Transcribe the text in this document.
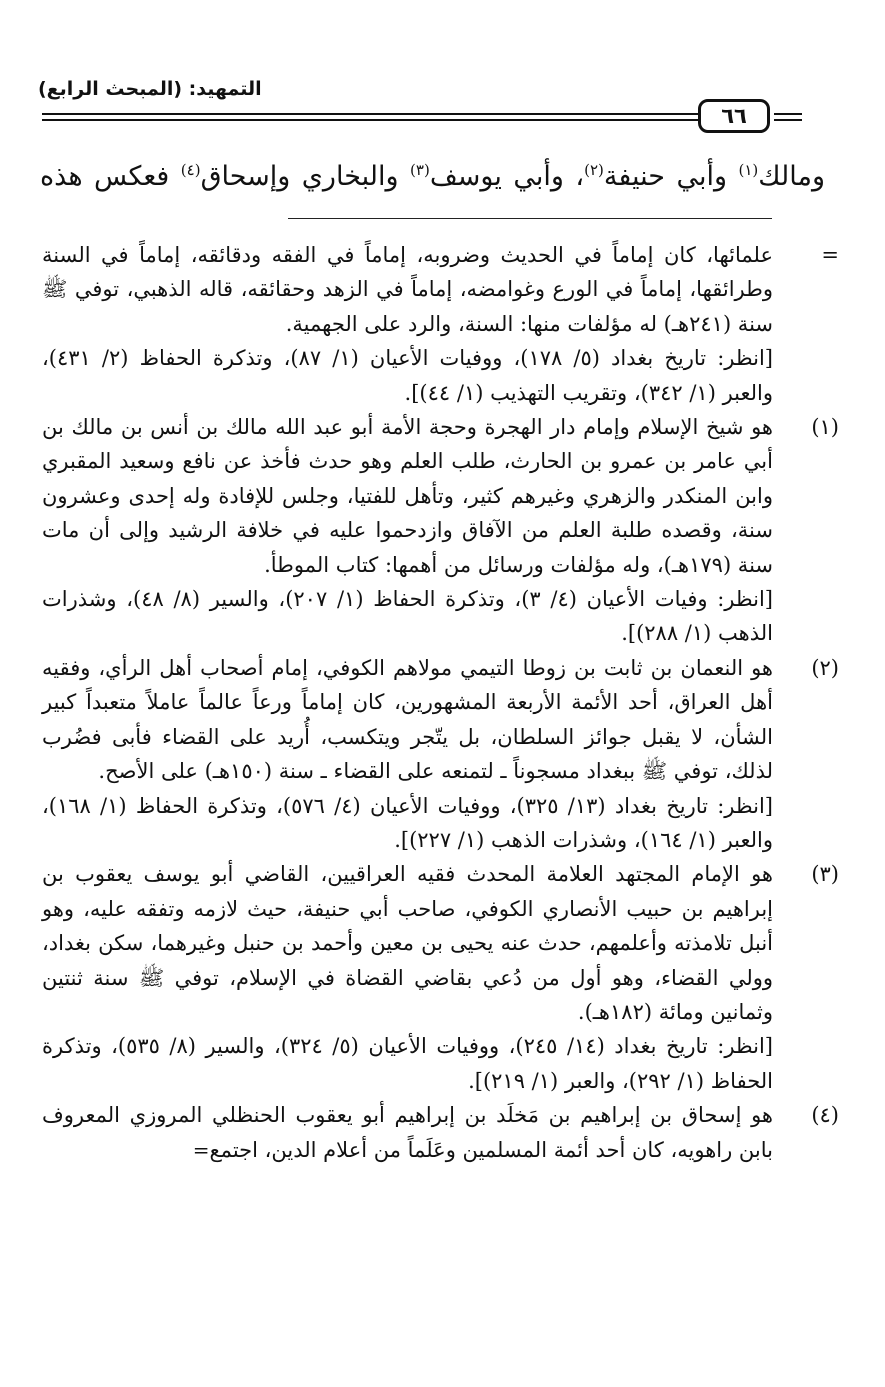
التمهيد: (المبحث الرابع)
٦٦
ومالك$^{(١)}$ وأبي حنيفة$^{(٢)}$، وأبي يوسف$^{(٣)}$ والبخاري وإسحاق$^{(٤)}$ فعكس هذه
=

علمائها، كان إماماً في الحديث وضروبه، إماماً في الفقه ودقائقه، إماماً في السنة وطرائقها، إماماً في الورع وغوامضه، إماماً في الزهد وحقائقه، قاله الذهبي، توفي ﷺ سنة (٢٤١هـ) له مؤلفات منها: السنة، والرد على الجهمية.

[انظر: تاريخ بغداد (٥/ ١٧٨)، ووفيات الأعيان (١/ ٨٧)، وتذكرة الحفاظ (٢/ ٤٣١)، والعبر (١/ ٣٤٢)، وتقريب التهذيب (١/ ٤٤)].

(١)

هو شيخ الإسلام وإمام دار الهجرة وحجة الأمة أبو عبد الله مالك بن أنس بن مالك بن أبي عامر بن عمرو بن الحارث، طلب العلم وهو حدث فأخذ عن نافع وسعيد المقبري وابن المنكدر والزهري وغيرهم كثير، وتأهل للفتيا، وجلس للإفادة وله إحدى وعشرون سنة، وقصده طلبة العلم من الآفاق وازدحموا عليه في خلافة الرشيد وإلى أن مات سنة (١٧٩هـ)، وله مؤلفات ورسائل من أهمها: كتاب الموطأ.

[انظر: وفيات الأعيان (٤/ ٣)، وتذكرة الحفاظ (١/ ٢٠٧)، والسير (٨/ ٤٨)، وشذرات الذهب (١/ ٢٨٨)].

(٢)

هو النعمان بن ثابت بن زوطا التيمي مولاهم الكوفي، إمام أصحاب أهل الرأي، وفقيه أهل العراق، أحد الأئمة الأربعة المشهورين، كان إماماً ورعاً عالماً عاملاً متعبداً كبير الشأن، لا يقبل جوائز السلطان، بل يتّجر ويتكسب، أُريد على القضاء فأبى فضُرب لذلك، توفي ﷺ ببغداد مسجوناً ـ لتمنعه على القضاء ـ سنة (١٥٠هـ) على الأصح.

[انظر: تاريخ بغداد (١٣/ ٣٢٥)، ووفيات الأعيان (٤/ ٥٧٦)، وتذكرة الحفاظ (١/ ١٦٨)، والعبر (١/ ١٦٤)، وشذرات الذهب (١/ ٢٢٧)].

(٣)

هو الإمام المجتهد العلامة المحدث فقيه العراقيين، القاضي أبو يوسف يعقوب بن إبراهيم بن حبيب الأنصاري الكوفي، صاحب أبي حنيفة، حيث لازمه وتفقه عليه، وهو أنبل تلامذته وأعلمهم، حدث عنه يحيى بن معين وأحمد بن حنبل وغيرهما، سكن بغداد، وولي القضاء، وهو أول من دُعي بقاضي القضاة في الإسلام، توفي ﷺ سنة ثنتين وثمانين ومائة (١٨٢هـ).

[انظر: تاريخ بغداد (١٤/ ٢٤٥)، ووفيات الأعيان (٥/ ٣٢٤)، والسير (٨/ ٥٣٥)، وتذكرة الحفاظ (١/ ٢٩٢)، والعبر (١/ ٢١٩)].

(٤)

هو إسحاق بن إبراهيم بن مَخلَد بن إبراهيم أبو يعقوب الحنظلي المروزي المعروف بابن راهويه، كان أحد أئمة المسلمين وعَلَماً من أعلام الدين، اجتمع=
